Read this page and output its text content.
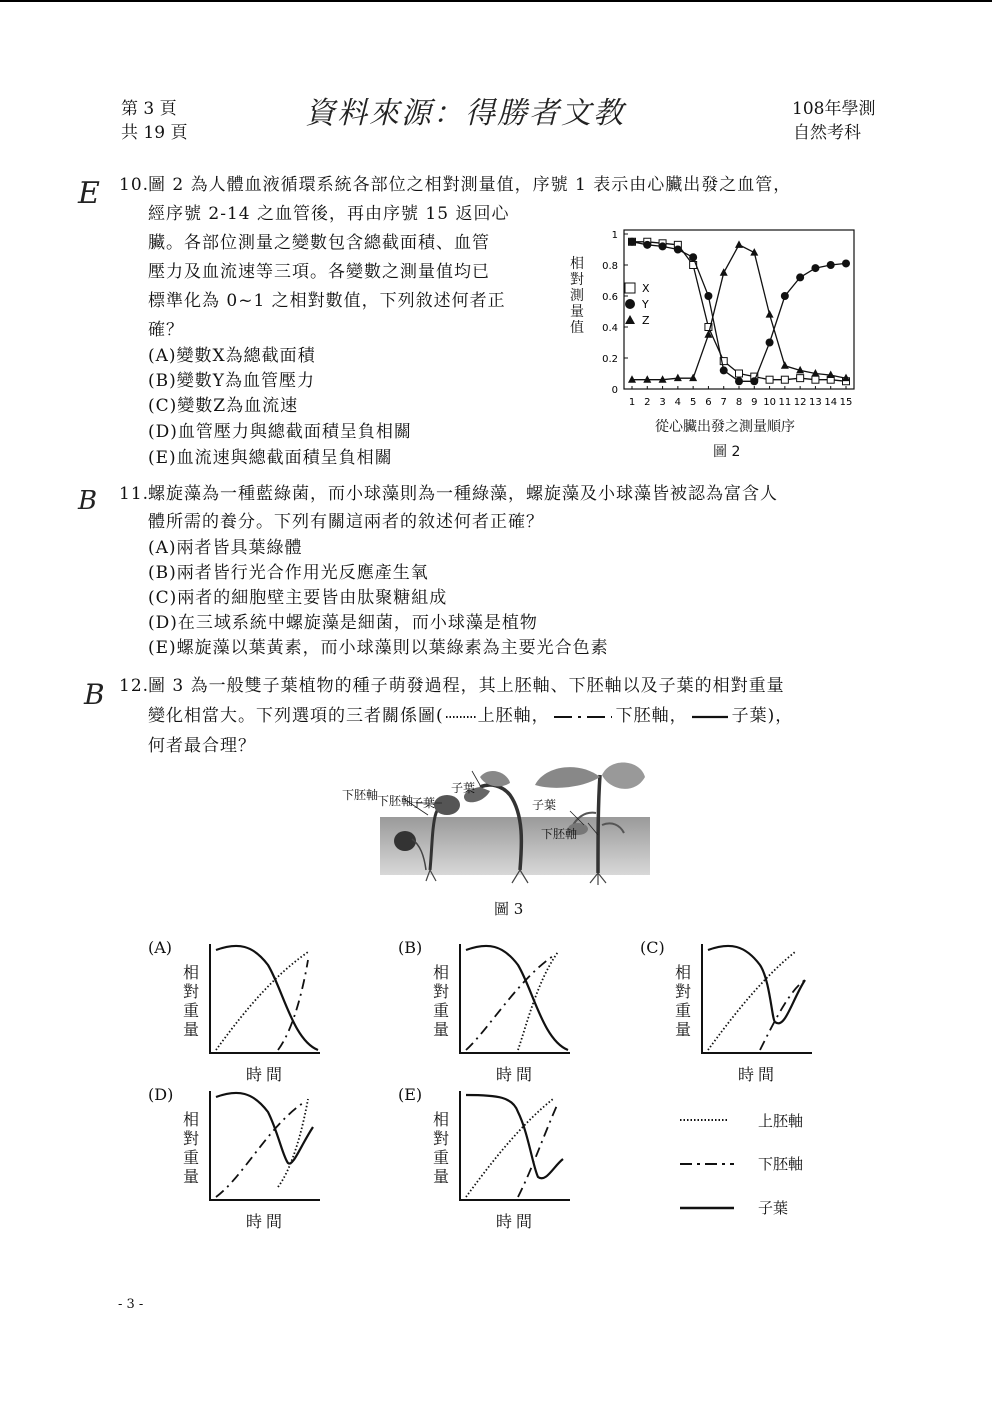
第 3 頁
共 19 頁
資料來源：得勝者文教	108年學測
自然考科
E 10.
圖 2 為人體血液循環系統各部位之相對測量值，序號 1 表示由心臟出發之血管，
經序號 2-14 之血管後，再由序號 15 返回心
臟。各部位測量之變數包含總截面積、血管
壓力及血流速等三項。各變數之測量值均已
標準化為 0~1 之相對數值，下列敘述何者正
確？
(A)變數X為總截面積
(B)變數Y為血管壓力
(C)變數Z為血流速
(D)血管壓力與總截面積呈負相關
(E)血流速與總截面積呈負相關
0
0.2
0.4
0.6
0.8
1
1 2 3 4 5 6 7 8 9 10 11 12 13 14 15
X
Y
Z
相對測量值
從心臟出發之測量順序
圖 2
B 11.
螺旋藻為一種藍綠菌，而小球藻則為一種綠藻，螺旋藻及小球藻皆被認為富含人
體所需的養分。下列有關這兩者的敘述何者正確？
(A)兩者皆具葉綠體
(B)兩者皆行光合作用光反應產生氧
(C)兩者的細胞壁主要皆由肽聚糖組成
(D)在三域系統中螺旋藻是細菌，而小球藻是植物
(E)螺旋藻以葉黃素，而小球藻則以葉綠素為主要光合色素
B 12.
圖 3 為一般雙子葉植物的種子萌發過程，其上胚軸、下胚軸以及子葉的相對重量
變化相當大。下列選項的三者關係圖( 上胚軸，	下胚軸，	子葉)，
何者最合理？
子葉
下胚軸
下胚軸
子葉	子葉
下胚軸
圖 3
(A)
相對重量
時間
(B)
相對重量
時間
(C)
相對重量
時間
(D)
相對重量
時間
(E)
相對重量
時間
上胚軸
下胚軸
子葉
- 3 -
